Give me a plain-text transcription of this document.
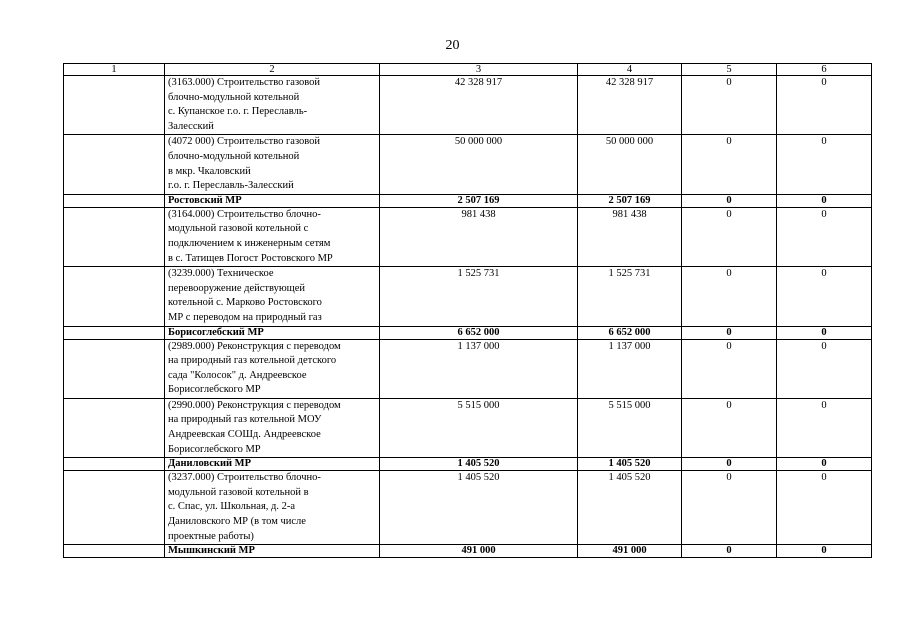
20
1	2	3	4	5	6

	(3163.000) Строительство газовой
блочно-модульной котельной
с. Купанское г.о. г. Переславль-
Залесский	42 328 917	42 328 917	0	0

	(4072 000) Строительство газовой
блочно-модульной котельной
в мкр. Чкаловский
г.о. г. Переславль-Залесский	50 000 000	50 000 000	0	0

	Ростовский МР	2 507 169	2 507 169	0	0

	(3164.000) Строительство блочно-
модульной газовой котельной с
подключением к инженерным сетям
в с. Татищев Погост Ростовского МР	981 438	981 438	0	0

	(3239.000) Техническое
перевооружение действующей
котельной с. Марково Ростовского
МР с переводом на природный газ	1 525 731	1 525 731	0	0

	Борисоглебский МР	6 652 000	6 652 000	0	0

	(2989.000) Реконструкция с переводом
на природный газ котельной детского
сада "Колосок" д. Андреевское
Борисоглебского МР	1 137 000	1 137 000	0	0

	(2990.000) Реконструкция с переводом
на природный газ котельной МОУ
Андреевская СОШд. Андреевское
Борисоглебского МР	5 515 000	5 515 000	0	0

	Даниловский МР	1 405 520	1 405 520	0	0

	(3237.000) Строительство блочно-
модульной газовой котельной в
с. Спас, ул. Школьная, д. 2-а
Даниловского МР (в том числе
проектные работы)	1 405 520	1 405 520	0	0

	Мышкинский МР	491 000	491 000	0	0
